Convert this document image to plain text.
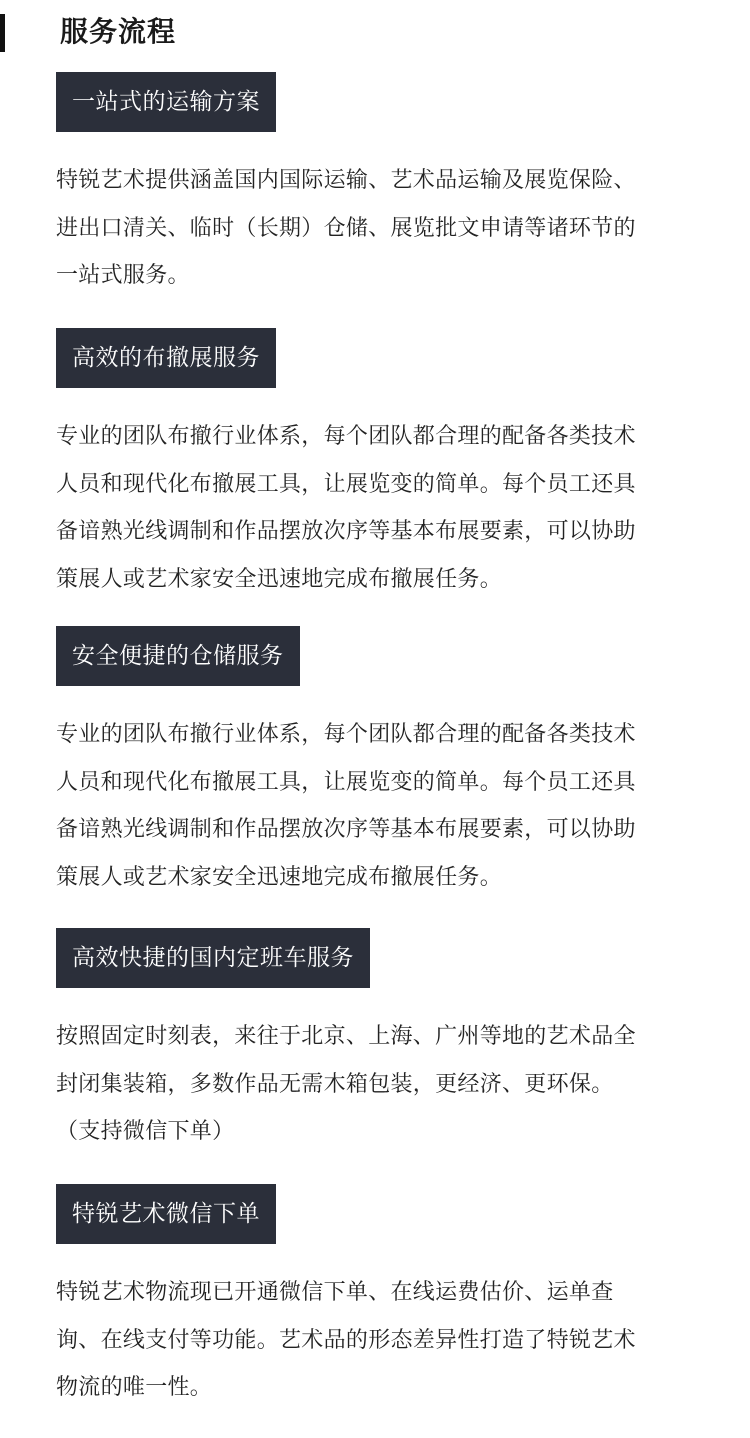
服务流程
一站式的运输方案

特锐艺术提供涵盖国内国际运输、艺术品运输及展览保险、
进出口清关、临时（长期）仓储、展览批文申请等诸环节的
一站式服务。

高效的布撤展服务

专业的团队布撤行业体系，每个团队都合理的配备各类技术
人员和现代化布撤展工具，让展览变的简单。每个员工还具
备谙熟光线调制和作品摆放次序等基本布展要素，可以协助
策展人或艺术家安全迅速地完成布撤展任务。

安全便捷的仓储服务

专业的团队布撤行业体系，每个团队都合理的配备各类技术
人员和现代化布撤展工具，让展览变的简单。每个员工还具
备谙熟光线调制和作品摆放次序等基本布展要素，可以协助
策展人或艺术家安全迅速地完成布撤展任务。

高效快捷的国内定班车服务

按照固定时刻表，来往于北京、上海、广州等地的艺术品全
封闭集装箱，多数作品无需木箱包装，更经济、更环保。
（支持微信下单）

特锐艺术微信下单

特锐艺术物流现已开通微信下单、在线运费估价、运单查
询、在线支付等功能。艺术品的形态差异性打造了特锐艺术
物流的唯一性。
